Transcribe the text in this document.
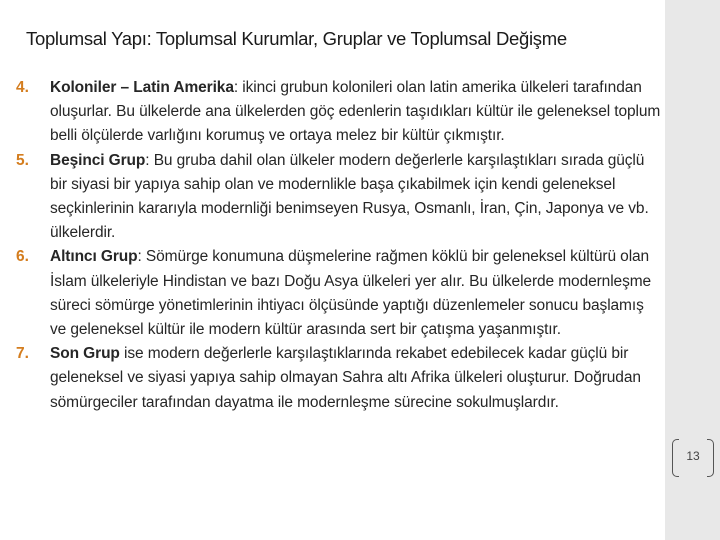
Toplumsal Yapı: Toplumsal Kurumlar, Gruplar ve Toplumsal Değişme
4.	Koloniler – Latin Amerika: ikinci grubun kolonileri olan latin amerika ülkeleri tarafından oluşurlar. Bu ülkelerde ana ülkelerden göç edenlerin taşıdıkları kültür ile geleneksel toplum belli ölçülerde varlığını korumuş ve ortaya melez bir kültür çıkmıştır.
5.	Beşinci Grup: Bu gruba dahil olan ülkeler modern değerlerle karşılaştıkları sırada güçlü bir siyasi bir yapıya sahip olan ve modernlikle başa çıkabilmek için kendi geleneksel seçkinlerinin kararıyla modernliği benimseyen Rusya, Osmanlı, İran, Çin, Japonya ve vb. ülkelerdir.
6.	Altıncı Grup: Sömürge konumuna düşmelerine rağmen köklü bir geleneksel kültürü olan İslam ülkeleriyle Hindistan ve bazı Doğu Asya ülkeleri yer alır. Bu ülkelerde modernleşme süreci sömürge yönetimlerinin ihtiyacı ölçüsünde yaptığı düzenlemeler sonucu başlamış ve geleneksel kültür ile modern kültür arasında sert bir çatışma yaşanmıştır.
7.	Son Grup ise modern değerlerle karşılaştıklarında rekabet edebilecek kadar güçlü bir geleneksel ve siyasi yapıya sahip olmayan Sahra altı Afrika ülkeleri oluşturur. Doğrudan sömürgeciler tarafından dayatma ile modernleşme sürecine sokulmuşlardır.
13
